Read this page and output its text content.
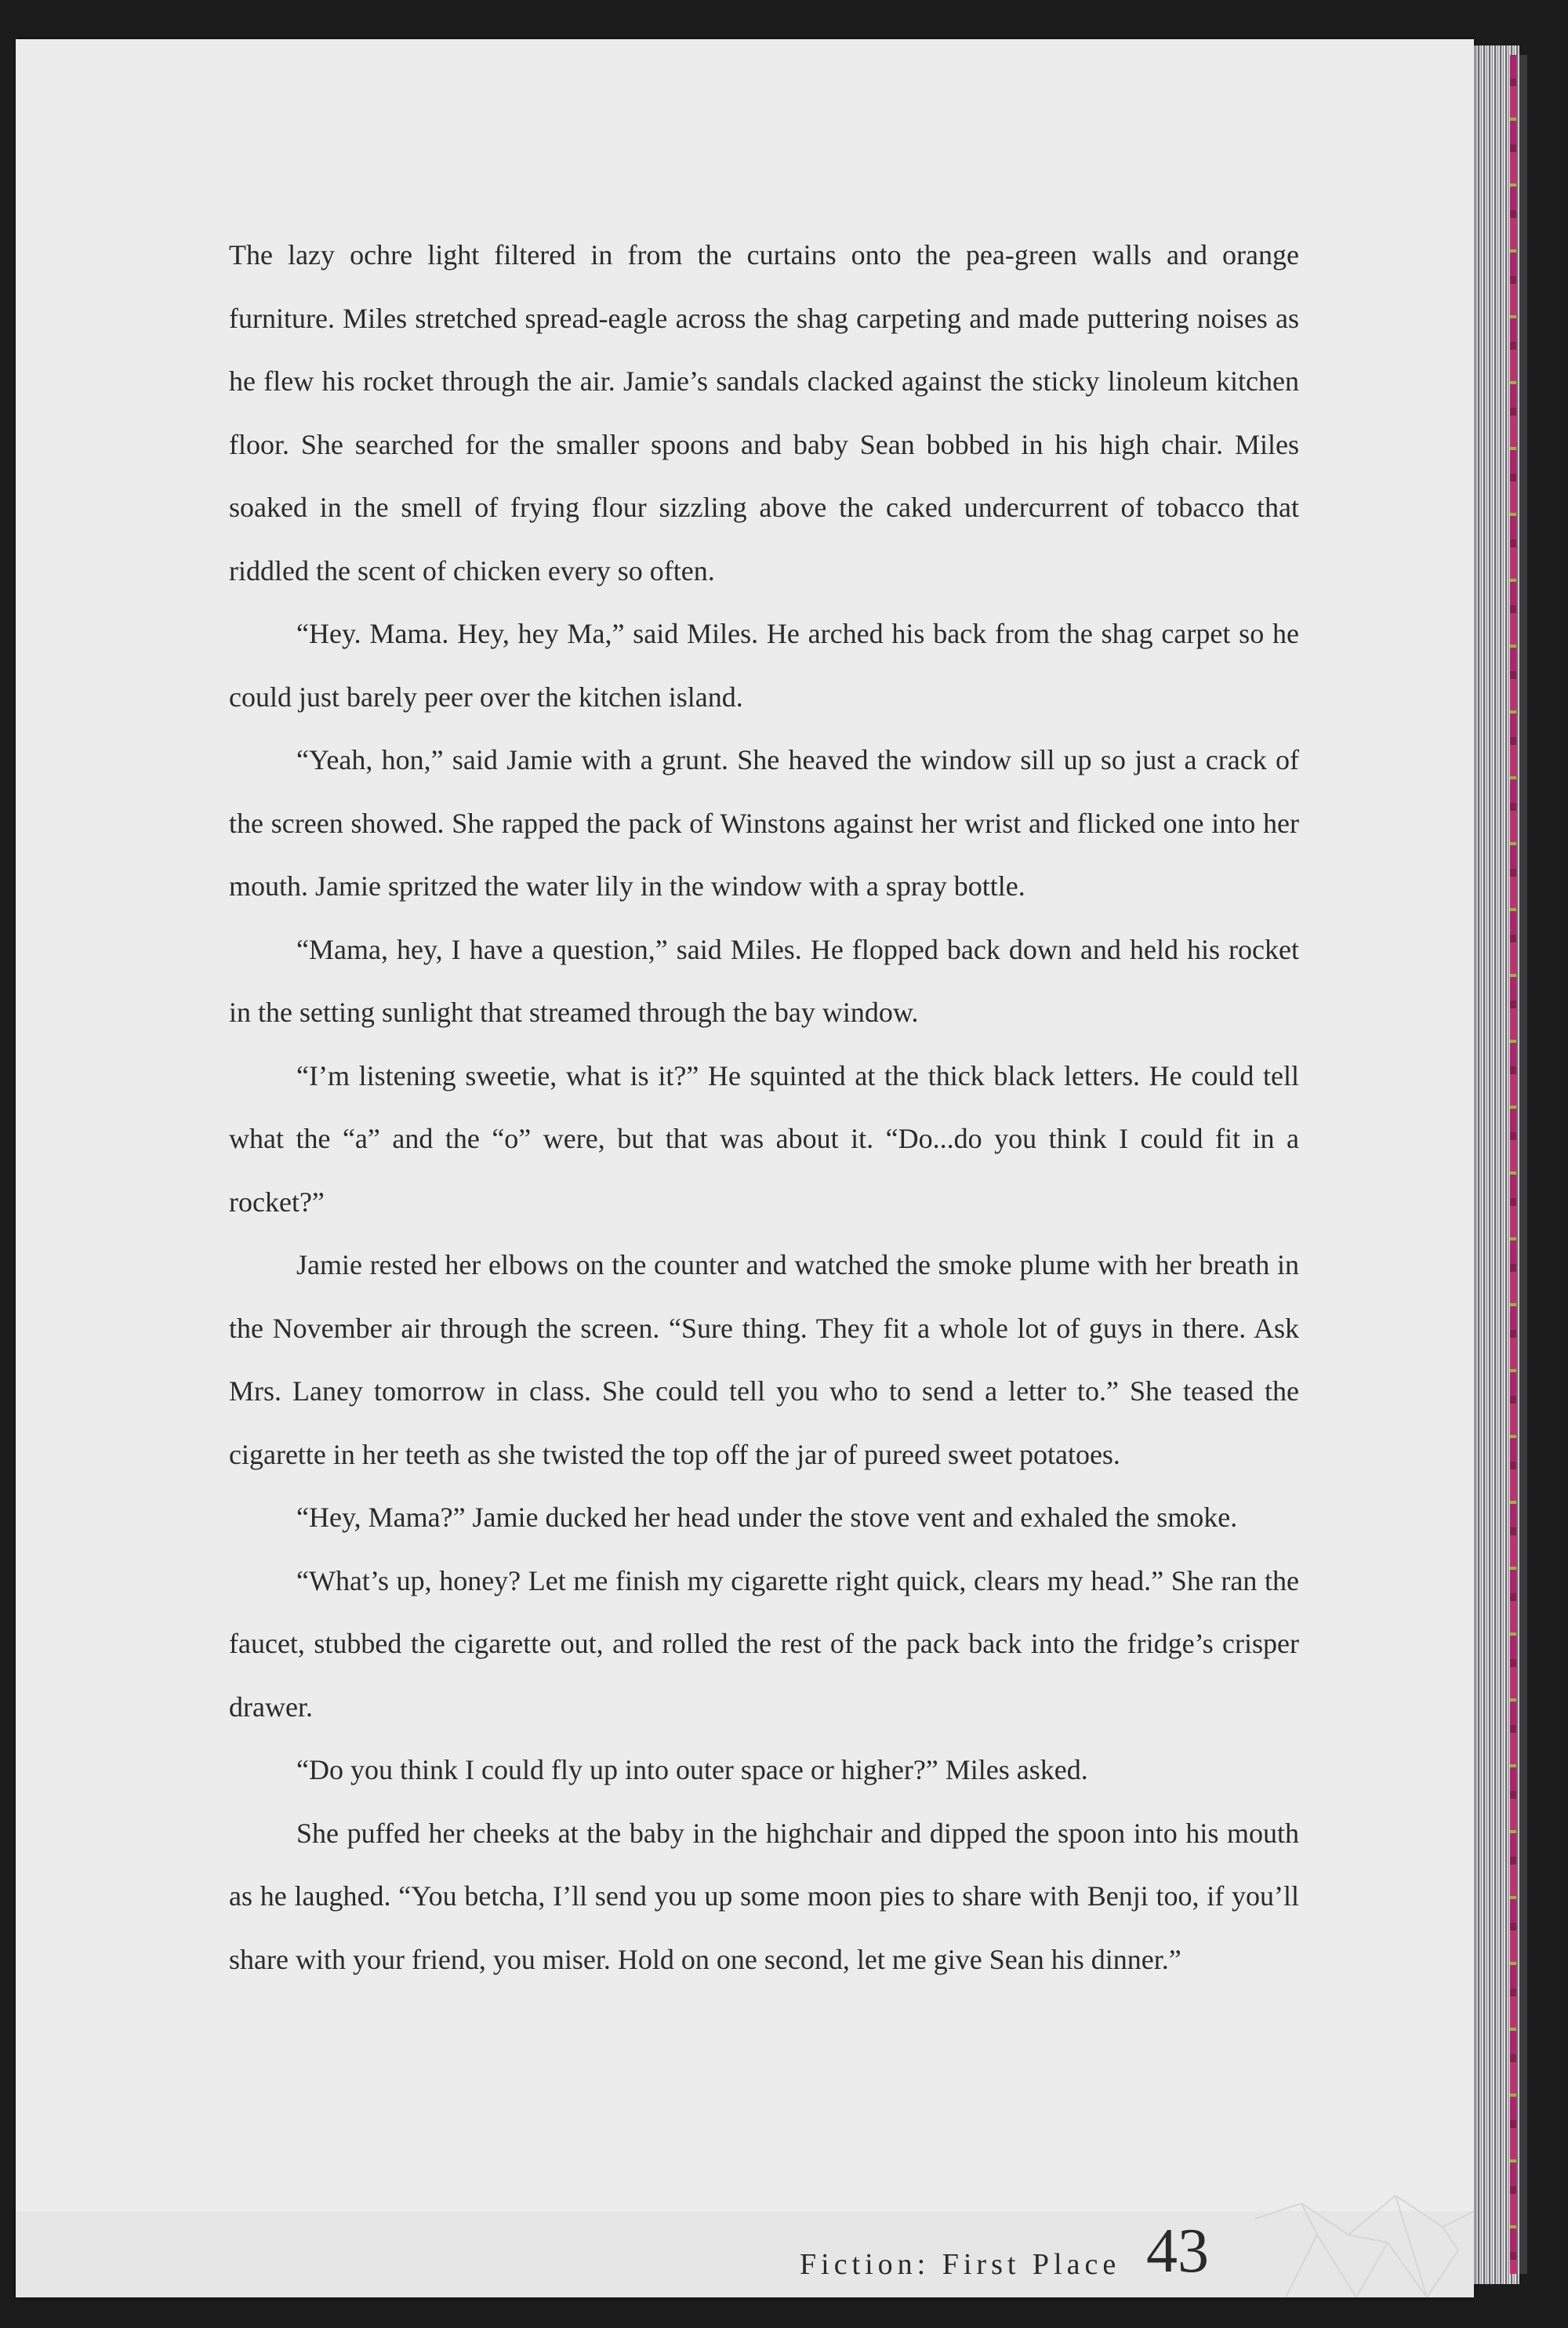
The lazy ochre light filtered in from the curtains onto the pea-green walls and orange furniture. Miles stretched spread-eagle across the shag carpeting and made puttering noises as he flew his rocket through the air. Jamie’s sandals clacked against the sticky linoleum kitchen floor. She searched for the smaller spoons and baby Sean bobbed in his high chair. Miles soaked in the smell of frying flour sizzling above the caked undercurrent of tobacco that riddled the scent of chicken every so often.

“Hey. Mama. Hey, hey Ma,” said Miles. He arched his back from the shag carpet so he could just barely peer over the kitchen island.

“Yeah, hon,” said Jamie with a grunt. She heaved the window sill up so just a crack of the screen showed. She rapped the pack of Winstons against her wrist and flicked one into her mouth. Jamie spritzed the water lily in the window with a spray bottle.

“Mama, hey, I have a question,” said Miles. He flopped back down and held his rocket in the setting sunlight that streamed through the bay window.

“I’m listening sweetie, what is it?” He squinted at the thick black letters. He could tell what the “a” and the “o” were, but that was about it. “Do...do you think I could fit in a rocket?”

Jamie rested her elbows on the counter and watched the smoke plume with her breath in the November air through the screen. “Sure thing. They fit a whole lot of guys in there. Ask Mrs. Laney tomorrow in class. She could tell you who to send a letter to.” She teased the cigarette in her teeth as she twisted the top off the jar of pureed sweet potatoes.

“Hey, Mama?” Jamie ducked her head under the stove vent and exhaled the smoke.

“What’s up, honey? Let me finish my cigarette right quick, clears my head.” She ran the faucet, stubbed the cigarette out, and rolled the rest of the pack back into the fridge’s crisper drawer.

“Do you think I could fly up into outer space or higher?” Miles asked.

She puffed her cheeks at the baby in the highchair and dipped the spoon into his mouth as he laughed. “You betcha, I’ll send you up some moon pies to share with Benji too, if you’ll share with your friend, you miser. Hold on one second, let me give Sean his dinner.”

Fiction: First Place 43
